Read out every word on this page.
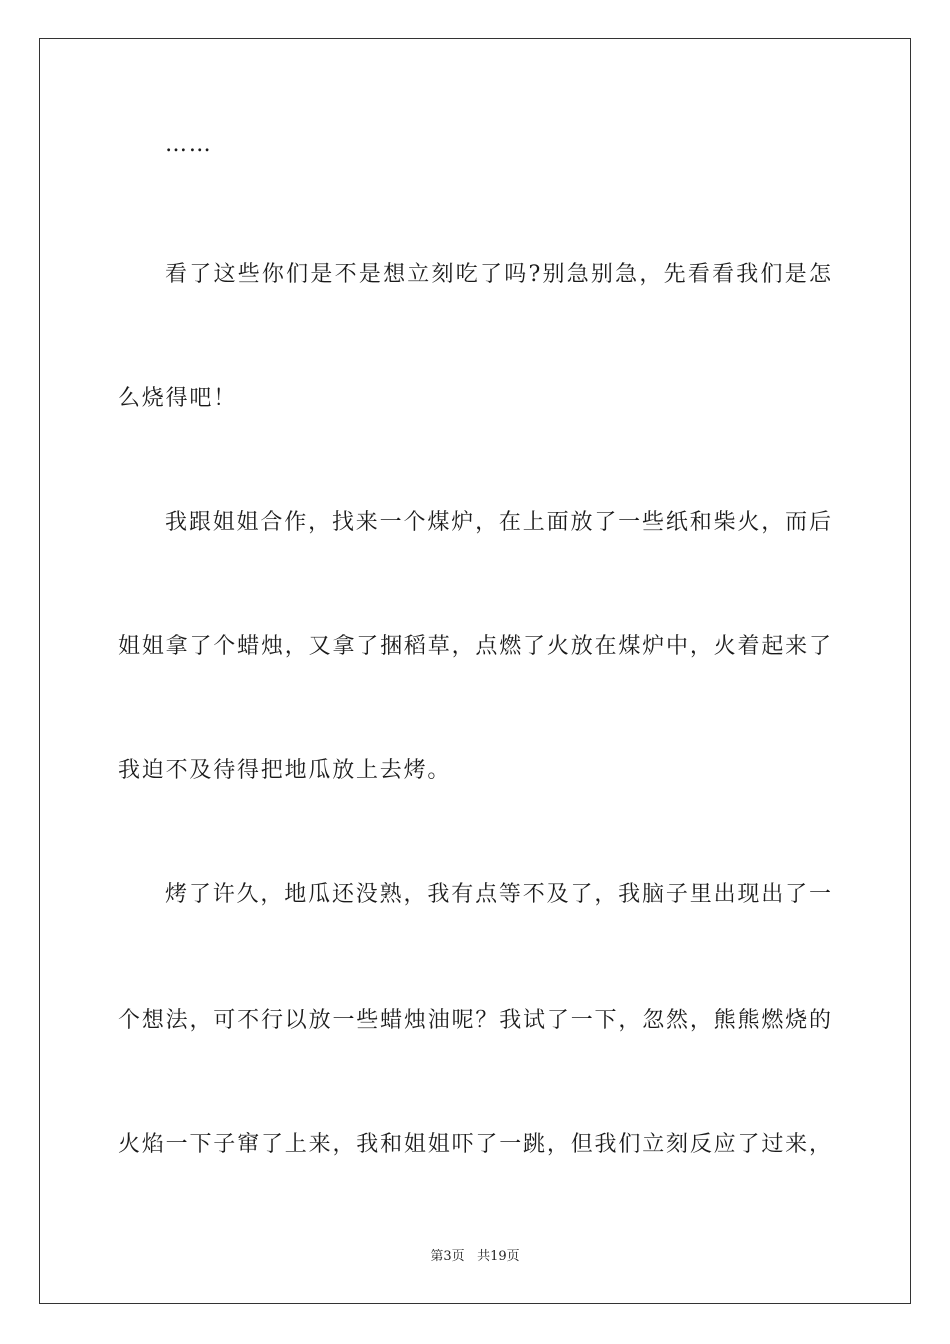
……
看了这些你们是不是想立刻吃了吗?别急别急，先看看我们是怎
么烧得吧！
我跟姐姐合作，找来一个煤炉，在上面放了一些纸和柴火，而后
姐姐拿了个蜡烛，又拿了捆稻草，点燃了火放在煤炉中，火着起来了
我迫不及待得把地瓜放上去烤。
烤了许久，地瓜还没熟，我有点等不及了，我脑子里出现出了一
个想法，可不行以放一些蜡烛油呢？我试了一下，忽然，熊熊燃烧的
火焰一下子窜了上来，我和姐姐吓了一跳，但我们立刻反应了过来，
第3页 共19页
